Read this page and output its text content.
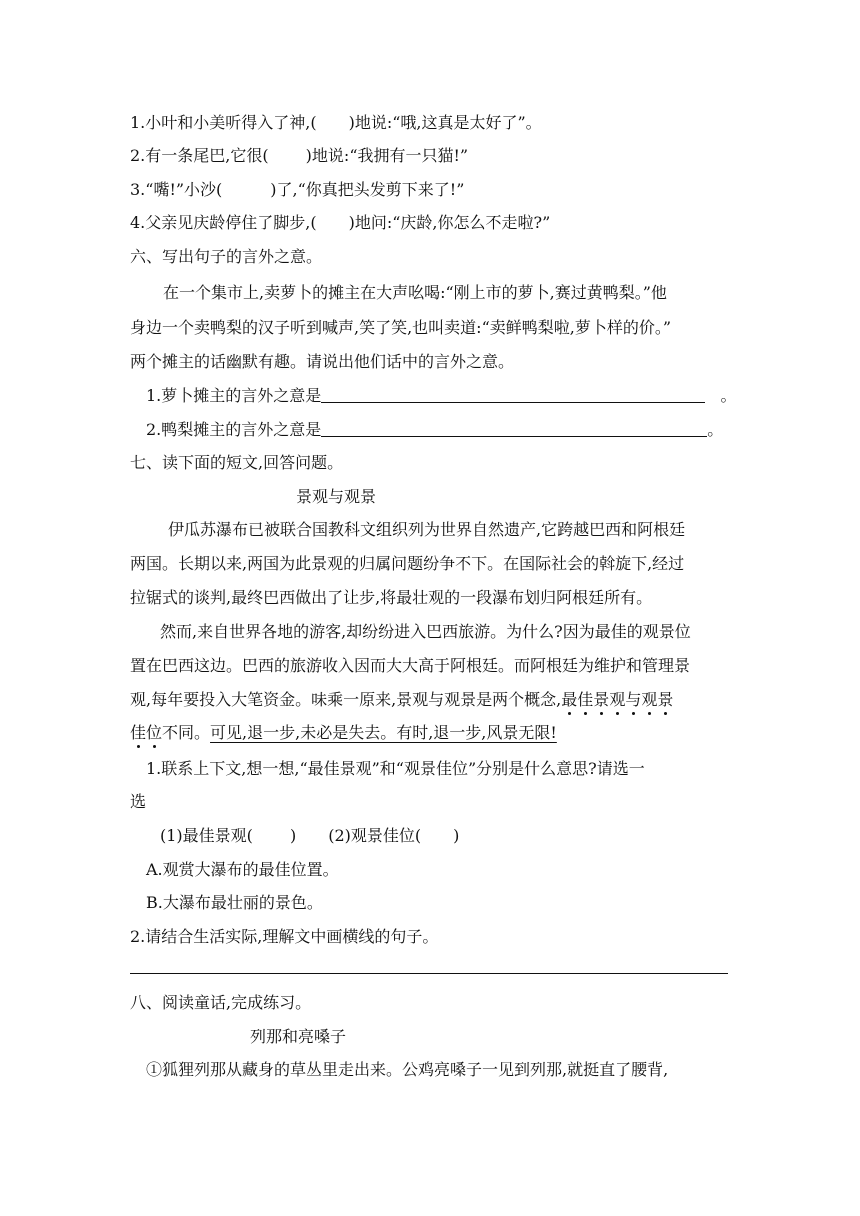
1.小叶和小美听得入了神,(　　)地说:“哦,这真是太好了”。
2.有一条尾巴,它很(　　 )地说:“我拥有一只猫!”
3.“嘴!”小沙(　　　)了,“你真把头发剪下来了!”
4.父亲见庆龄停住了脚步,(　　)地问:“庆龄,你怎么不走啦?”
六、写出句子的言外之意。
在一个集市上,卖萝卜的摊主在大声吆喝:“刚上市的萝卜,赛过黄鸭梨。”他
身边一个卖鸭梨的汉子听到喊声,笑了笑,也叫卖道:“卖鲜鸭梨啦,萝卜样的价。”
两个摊主的话幽默有趣。请说出他们话中的言外之意。
1.萝卜摊主的言外之意是	。
2.鸭梨摊主的言外之意是	。
七、读下面的短文,回答问题。
景观与观景
伊瓜苏瀑布已被联合国教科文组织列为世界自然遗产,它跨越巴西和阿根廷
两国。长期以来,两国为此景观的归属问题纷争不下。在国际社会的斡旋下,经过
拉锯式的谈判,最终巴西做出了让步,将最壮观的一段瀑布划归阿根廷所有。
然而,来自世界各地的游客,却纷纷进入巴西旅游。为什么?因为最佳的观景位
置在巴西这边。巴西的旅游收入因而大大高于阿根廷。而阿根廷为维护和管理景
观,每年要投入大笔资金。味乘一原来,景观与观景是两个概念,最佳景观与观景
佳位不同。可见,退一步,未必是失去。有时,退一步,风景无限!
1.联系上下文,想一想,“最佳景观”和“观景佳位”分别是什么意思?请选一
选
(1)最佳景观(　　 )　　(2)观景佳位(　　)
A.观赏大瀑布的最佳位置。
B.大瀑布最壮丽的景色。
2.请结合生活实际,理解文中画横线的句子。
八、阅读童话,完成练习。
列那和亮嗓子
①狐狸列那从藏身的草丛里走出来。公鸡亮嗓子一见到列那,就挺直了腰背,
